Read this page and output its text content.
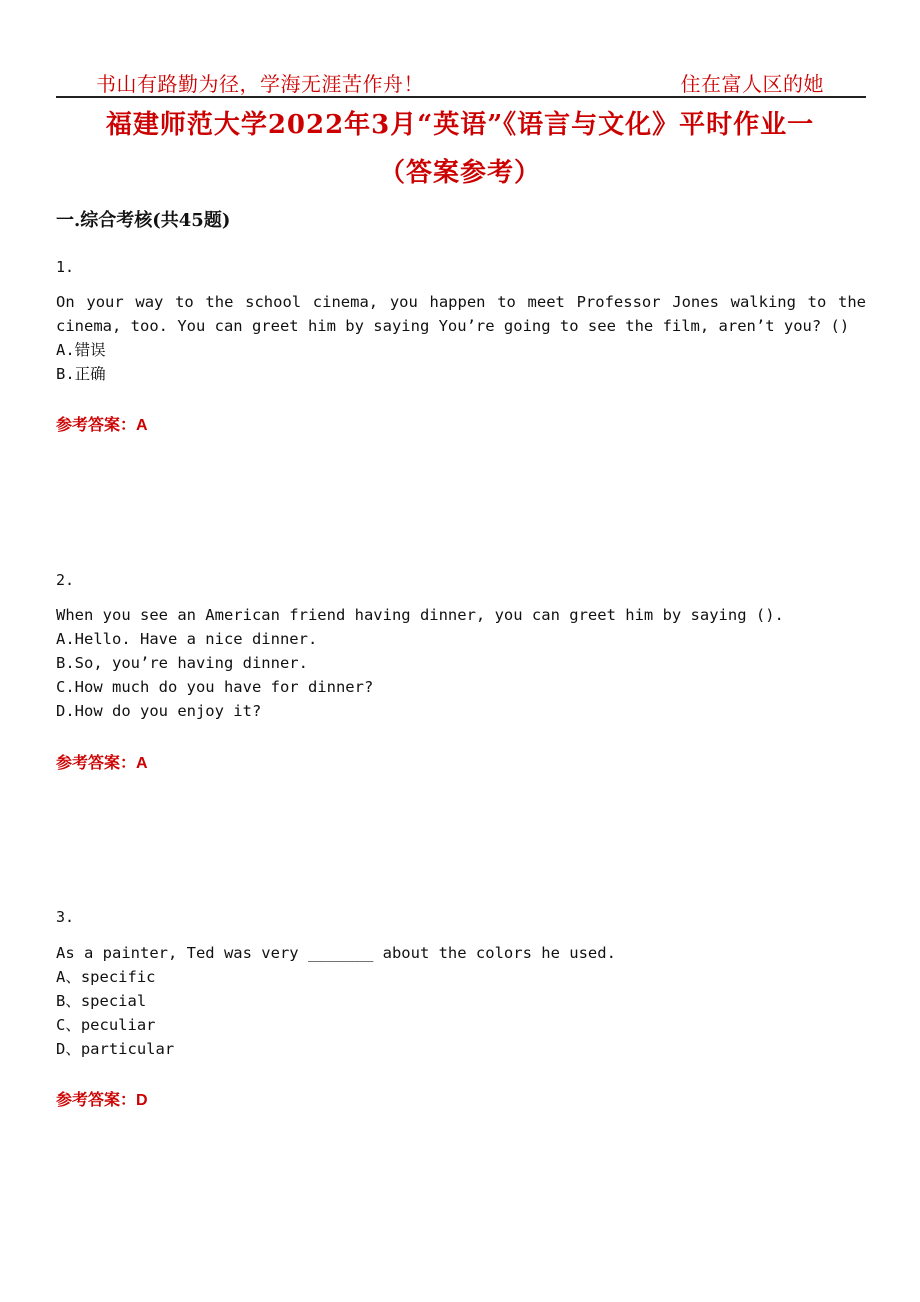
书山有路勤为径，学海无涯苦作舟！	住在富人区的她
福建师范大学2022年3月“英语”《语言与文化》平时作业一
（答案参考）
一.综合考核(共45题)
1.
On your way to the school cinema, you happen to meet Professor Jones walking to the cinema, too. You can greet him by saying You’re going to see the film, aren’t you? ()
A.错误
B.正确
参考答案：A
2.
When you see an American friend having dinner, you can greet him by saying ().
A.Hello. Have a nice dinner.
B.So, you’re having dinner.
C.How much do you have for dinner?
D.How do you enjoy it?
参考答案：A
3.
As a painter, Ted was very _______ about the colors he used.
A、specific
B、special
C、peculiar
D、particular
参考答案：D
